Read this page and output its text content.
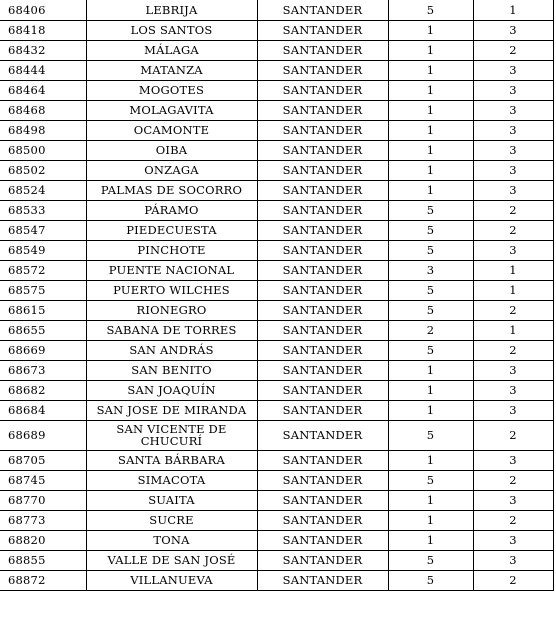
68406	LEBRIJA	SANTANDER	5	1
68418	LOS SANTOS	SANTANDER	1	3
68432	MÁLAGA	SANTANDER	1	2
68444	MATANZA	SANTANDER	1	3
68464	MOGOTES	SANTANDER	1	3
68468	MOLAGAVITA	SANTANDER	1	3
68498	OCAMONTE	SANTANDER	1	3
68500	OIBA	SANTANDER	1	3
68502	ONZAGA	SANTANDER	1	3
68524	PALMAS DE SOCORRO	SANTANDER	1	3
68533	PÁRAMO	SANTANDER	5	2
68547	PIEDECUESTA	SANTANDER	5	2
68549	PINCHOTE	SANTANDER	5	3
68572	PUENTE NACIONAL	SANTANDER	3	1
68575	PUERTO WILCHES	SANTANDER	5	1
68615	RIONEGRO	SANTANDER	5	2
68655	SABANA DE TORRES	SANTANDER	2	1
68669	SAN ANDRÁS	SANTANDER	5	2
68673	SAN BENITO	SANTANDER	1	3
68682	SAN JOAQUÍN	SANTANDER	1	3
68684	SAN JOSE DE MIRANDA	SANTANDER	1	3
68689	SAN VICENTE DE CHUCURÍ	SANTANDER	5	2
68705	SANTA BÁRBARA	SANTANDER	1	3
68745	SIMACOTA	SANTANDER	5	2
68770	SUAITA	SANTANDER	1	3
68773	SUCRE	SANTANDER	1	2
68820	TONA	SANTANDER	1	3
68855	VALLE DE SAN JOSÉ	SANTANDER	5	3
68872	VILLANUEVA	SANTANDER	5	2
